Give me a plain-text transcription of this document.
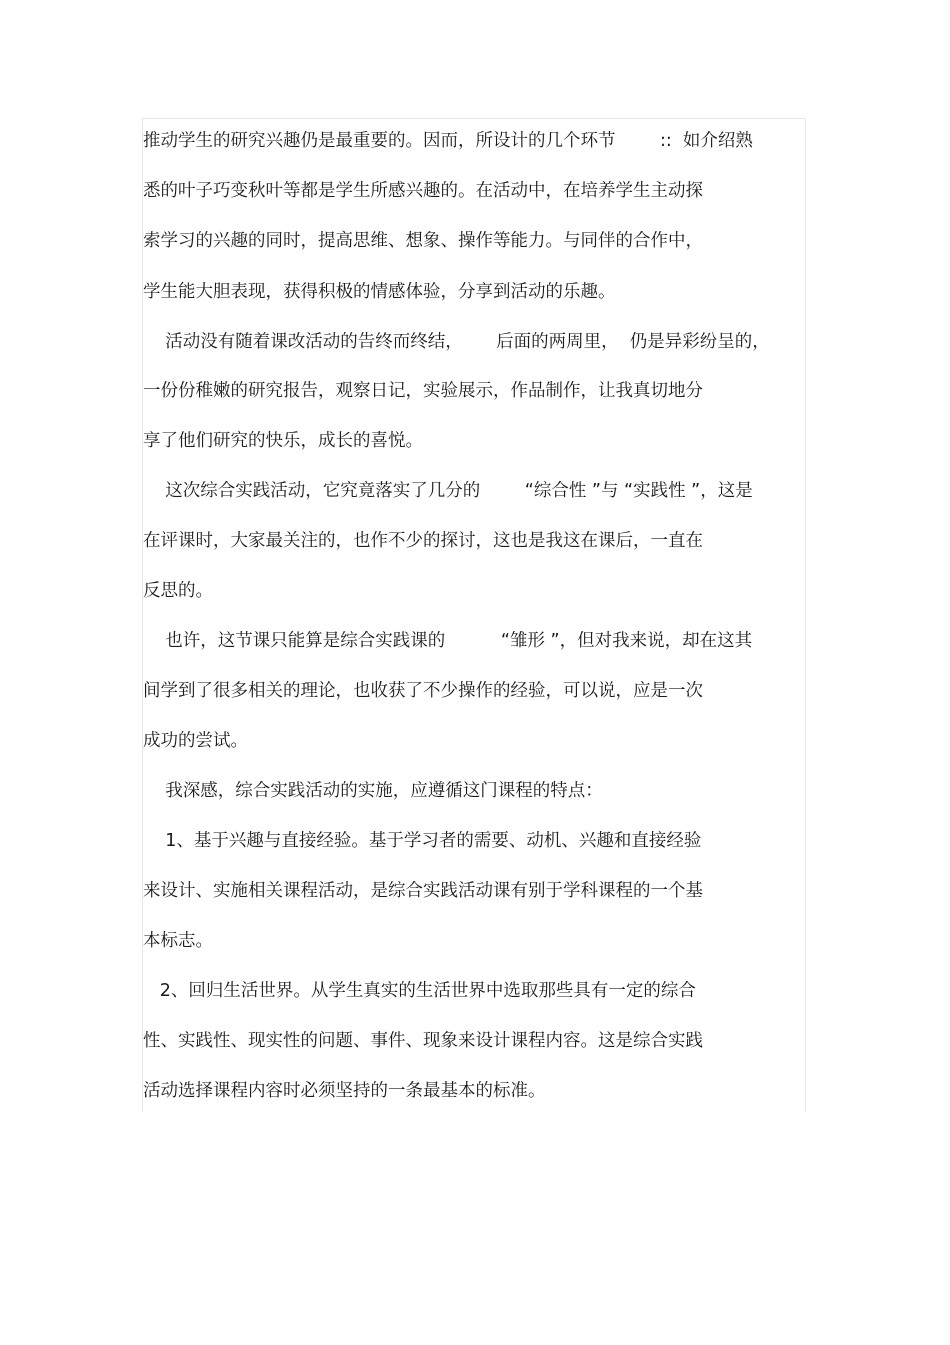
推动学生的研究兴趣仍是最重要的。因而，所设计的几个环节        ::  如介绍熟

悉的叶子巧变秋叶等都是学生所感兴趣的。在活动中，在培养学生主动探

索学习的兴趣的同时，提高思维、想象、操作等能力。与同伴的合作中，

学生能大胆表现，获得积极的情感体验，分享到活动的乐趣。

活动没有随着课改活动的告终而终结，      后面的两周里，  仍是异彩纷呈的，

一份份稚嫩的研究报告，观察日记，实验展示，作品制作，让我真切地分

享了他们研究的快乐，成长的喜悦。

这次综合实践活动，它究竟落实了几分的        “综合性 ”与 “实践性 ”，这是

在评课时，大家最关注的，也作不少的探讨，这也是我这在课后，一直在

反思的。

也许，这节课只能算是综合实践课的          “雏形 ”，但对我来说，却在这其

间学到了很多相关的理论，也收获了不少操作的经验，可以说，应是一次

成功的尝试。

我深感，综合实践活动的实施，应遵循这门课程的特点：

1、基于兴趣与直接经验。基于学习者的需要、动机、兴趣和直接经验

来设计、实施相关课程活动，是综合实践活动课有别于学科课程的一个基

本标志。

2、回归生活世界。从学生真实的生活世界中选取那些具有一定的综合

性、实践性、现实性的问题、事件、现象来设计课程内容。这是综合实践

活动选择课程内容时必须坚持的一条最基本的标准。
